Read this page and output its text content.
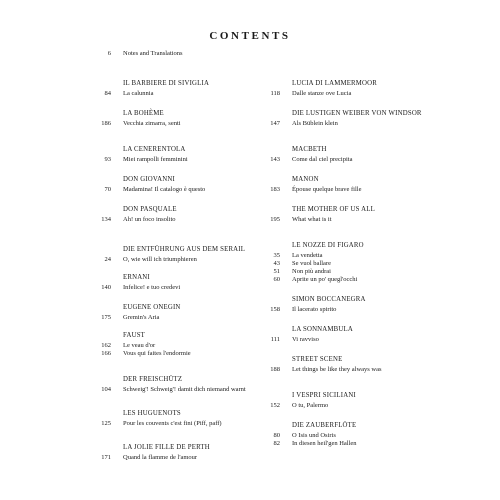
CONTENTS
6 Notes and Translations
IL BARBIERE DI SIVIGLIA
84 La calunnia
LA BOHÈME
186 Vecchia zimarra, senti
LA CENERENTOLA
93 Miei rampolli femminini
DON GIOVANNI
70 Madamina! Il catalogo è questo
DON PASQUALE
134 Ah! un foco insolito
DIE ENTFÜHRUNG AUS DEM SERAIL
24 O, wie will ich triumphieren
ERNANI
140 Infelice! e tuo credevi
EUGENE ONEGIN
175 Gremin's Aria
FAUST
162 Le veau d'or
166 Vous qui faites l'endormie
DER FREISCHÜTZ
104 Schweig'! Schweig'! damit dich niemand warnt
LES HUGUENOTS
125 Pour les couvents c'est fini (Piff, paff)
LA JOLIE FILLE DE PERTH
171 Quand la flamme de l'amour
LUCIA DI LAMMERMOOR
118 Dalle stanze ove Lucia
DIE LUSTIGEN WEIBER VON WINDSOR
147 Als Büblein klein
MACBETH
143 Come dal ciel precipita
MANON
183 Épouse quelque brave fille
THE MOTHER OF US ALL
195 What what is it
LE NOZZE DI FIGARO
35 La vendetta
43 Se vuol ballare
51 Non più andrai
60 Aprite un po' quegl'occhi
SIMON BOCCANEGRA
158 Il lacerato spirito
LA SONNAMBULA
111 Vi ravviso
STREET SCENE
188 Let things be like they always was
I VESPRI SICILIANI
152 O tu, Palermo
DIE ZAUBERFLÖTE
80 O Isis und Osiris
82 In diesen heil'gen Hallen
